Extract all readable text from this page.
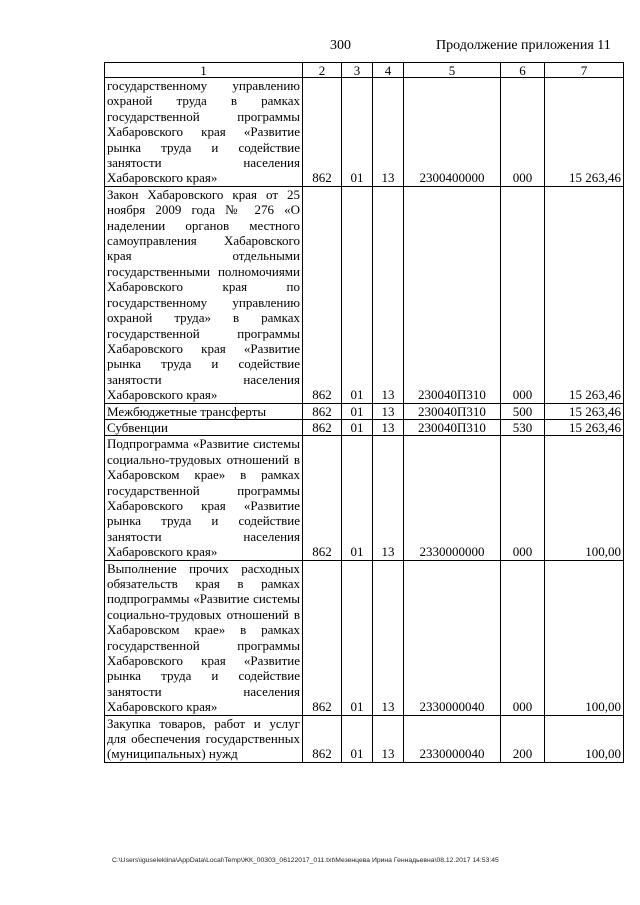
300	Продолжение приложения 11
1	2	3	4	5	6	7
государственному управлению охраной труда в рамках государственной программы Хабаровского края «Развитие рынка труда и содействие занятости населения Хабаровского края»	862	01	13	2300400000	000	15 263,46
Закон Хабаровского края от 25 ноября 2009 года № 276 «О наделении органов местного самоуправления Хабаровского края отдельными государственными полномочиями Хабаровского края по государственному управлению охраной труда» в рамках государственной программы Хабаровского края «Развитие рынка труда и содействие занятости населения Хабаровского края»	862	01	13	230040П310	000	15 263,46
Межбюджетные трансферты	862	01	13	230040П310	500	15 263,46
Субвенции	862	01	13	230040П310	530	15 263,46
Подпрограмма «Развитие системы социально-трудовых отношений в Хабаровском крае» в рамках государственной программы Хабаровского края «Развитие рынка труда и содействие занятости населения Хабаровского края»	862	01	13	2330000000	000	100,00
Выполнение прочих расходных обязательств края в рамках подпрограммы «Развитие системы социально-трудовых отношений в Хабаровском крае» в рамках государственной программы Хабаровского края «Развитие рынка труда и содействие занятости населения Хабаровского края»	862	01	13	2330000040	000	100,00
Закупка товаров, работ и услуг для обеспечения государственных (муниципальных) нужд	862	01	13	2330000040	200	100,00
C:\Users\iguseleklina\AppData\Local\Temp\ЖК_00303_06122017_011.txt\Мезенцева Ирина Геннадьевна\08.12.2017 14:53:45
